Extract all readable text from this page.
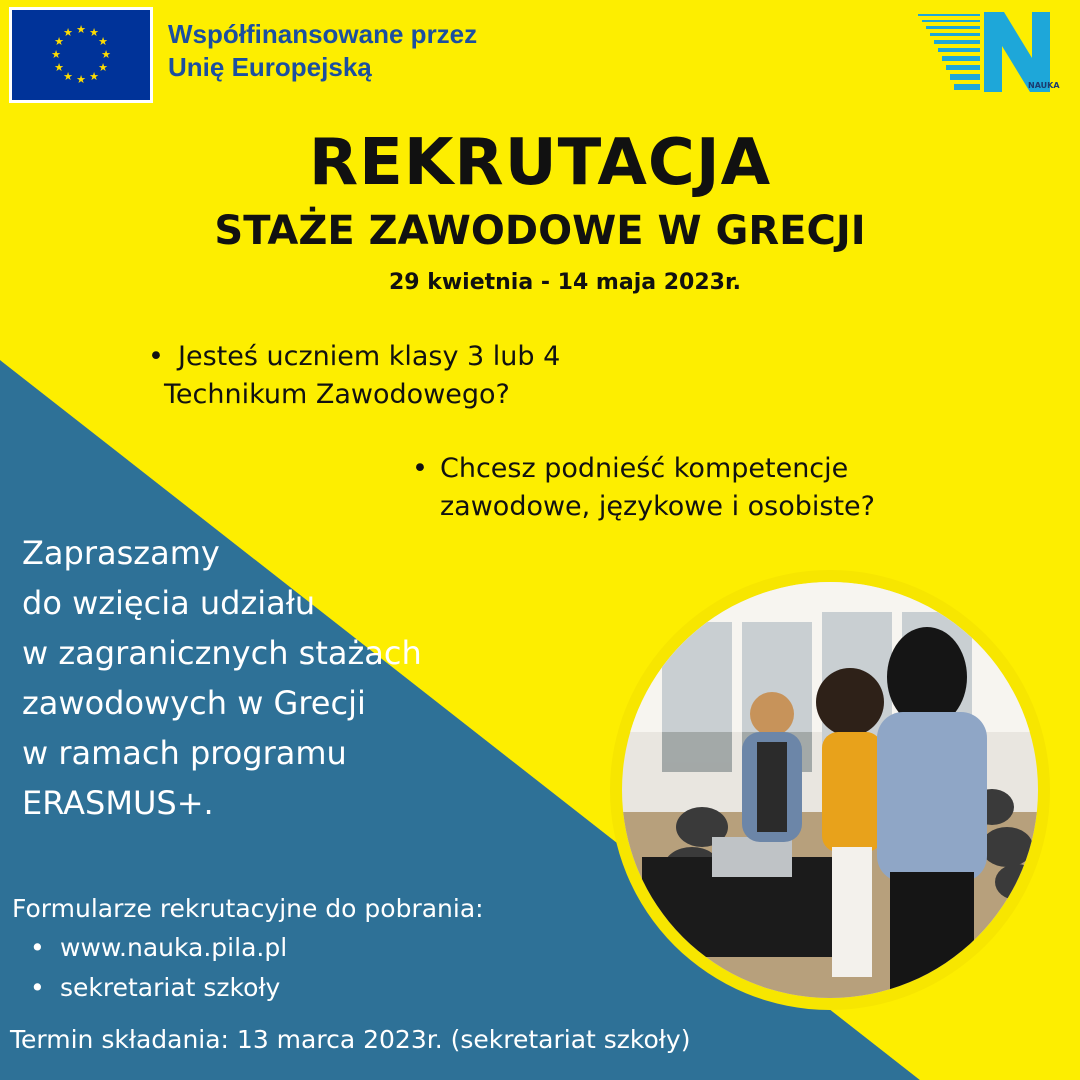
★ ★
★
★
★
★
★
★
★
★
★
★	Współfinansowane przez
Unię Europejską
NAUKA
REKRUTACJA
STAŻE ZAWODOWE W GRECJI
29 kwietnia - 14 maja 2023r.
• Jesteś uczniem klasy 3 lub 4
Technikum Zawodowego?
• Chcesz podnieść kompetencje
zawodowe, językowe i osobiste?
Zapraszamy
do wzięcia udziału
w zagranicznych stażach
zawodowych w Grecji
w ramach programu
ERASMUS+.
Formularze rekrutacyjne do pobrania:
• www.nauka.pila.pl
• sekretariat szkoły
Termin składania: 13 marca 2023r. (sekretariat szkoły)
